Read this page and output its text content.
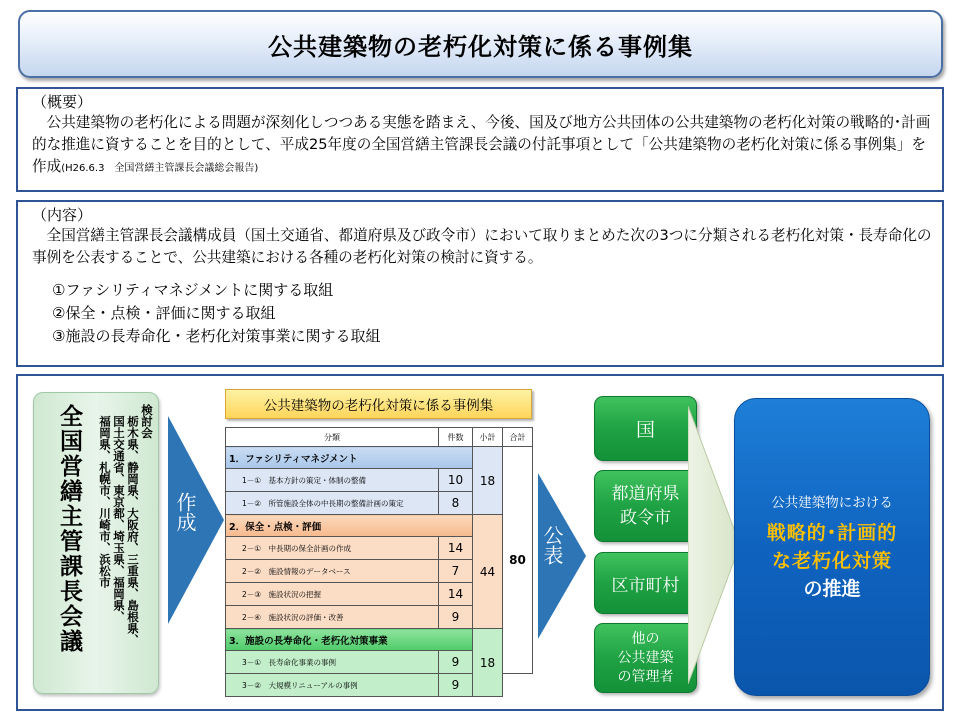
公共建築物の老朽化対策に係る事例集
（概要）
公共建築物の老朽化による問題が深刻化しつつある実態を踏まえ、今後、国及び地方公共団体の公共建築物の老朽化対策の戦略的･計画的な推進に資することを目的として、平成25年度の全国営繕主管課長会議の付託事項として「公共建築物の老朽化対策に係る事例集」を作成(H26.6.3　全国営繕主管課長会議総会報告)
（内容）
全国営繕主管課長会議構成員（国土交通省、都道府県及び政令市）において取りまとめた次の3つに分類される老朽化対策・長寿命化の事例を公表することで、公共建築における各種の老朽化対策の検討に資する。
①ファシリティマネジメントに関する取組
②保全・点検・評価に関する取組
③施設の長寿命化・老朽化対策事業に関する取組
全国営繕主管課長会議	検討会
　栃木県、静岡県、大阪府、三重県、島根県、
　国土交通省、東京都、埼玉県、福岡県、
　福岡県、札幌市、川崎市、浜松市	作成
公共建築物の老朽化対策に係る事例集
分類	件数	小計	合計
1．ファシリティマネジメント		18	80
1－①　基本方針の策定・体制の整備	10		
1－②　所管施設全体の中長期の整備計画の策定	8		
2．保全・点検・評価		44	
2－①　中長期の保全計画の作成	14		
2－②　施設情報のデータベース	7		
2－③　施設状況の把握	14		
2－④　施設状況の評価・改善	9		
3．施設の長寿命化・老朽化対策事業		18	
3－①　長寿命化事業の事例	9		
3－②　大規模リニューアルの事例	9		
公表
国
都道府県
政令市
区市町村
他の
公共建築
の管理者
公共建築物における
戦略的･計画的
な老朽化対策
の推進
